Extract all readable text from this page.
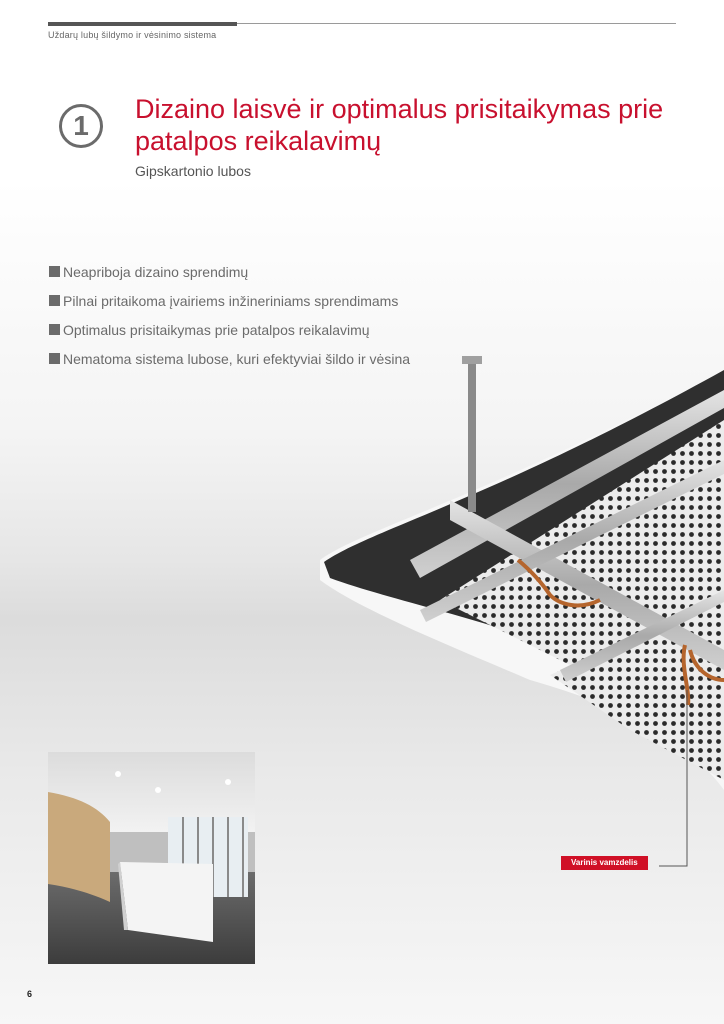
Uždarų lubų šildymo ir vėsinimo sistema
1
Dizaino laisvė ir optimalus prisitaikymas prie patalpos reikalavimų
Gipskartonio lubos
Neapriboja dizaino sprendimų
Pilnai pritaikoma įvairiems inžineriniams sprendimams
Optimalus prisitaikymas prie patalpos reikalavimų
Nematoma sistema lubose, kuri efektyviai šildo ir vėsina
Varinis vamzdelis
6
